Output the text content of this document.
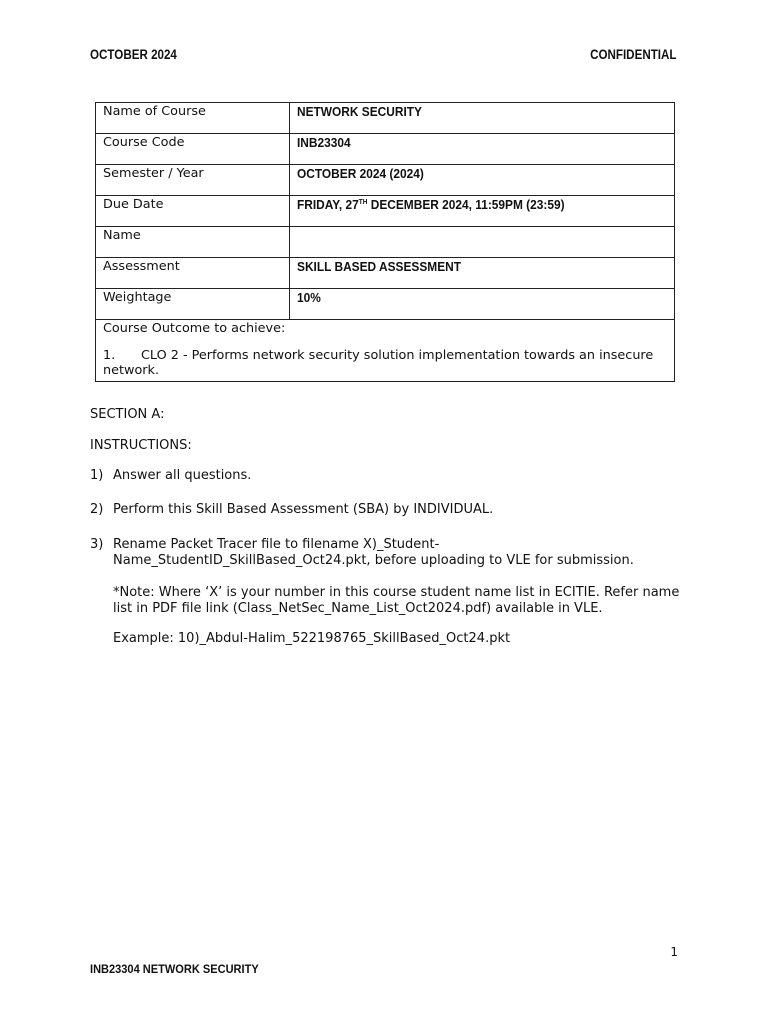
OCTOBER 2024	CONFIDENTIAL
Name of Course	NETWORK SECURITY
Course Code	INB23304
Semester / Year	OCTOBER 2024 (2024)
Due Date	FRIDAY, 27TH DECEMBER 2024, 11:59PM (23:59)
Name	
Assessment	SKILL BASED ASSESSMENT
Weightage	10%

Course Outcome to achieve:
1. CLO 2 - Performs network security solution implementation towards an insecure network.	
SECTION A:
INSTRUCTIONS:
1) Answer all questions.
2) Perform this Skill Based Assessment (SBA) by INDIVIDUAL.
3) Rename Packet Tracer file to filename X)_Student-
Name_StudentID_SkillBased_Oct24.pkt, before uploading to VLE for submission.
*Note: Where ‘X’ is your number in this course student name list in ECITIE. Refer name list in PDF file link (Class_NetSec_Name_List_Oct2024.pdf) available in VLE.
Example: 10)_Abdul-Halim_522198765_SkillBased_Oct24.pkt
1
INB23304 NETWORK SECURITY
